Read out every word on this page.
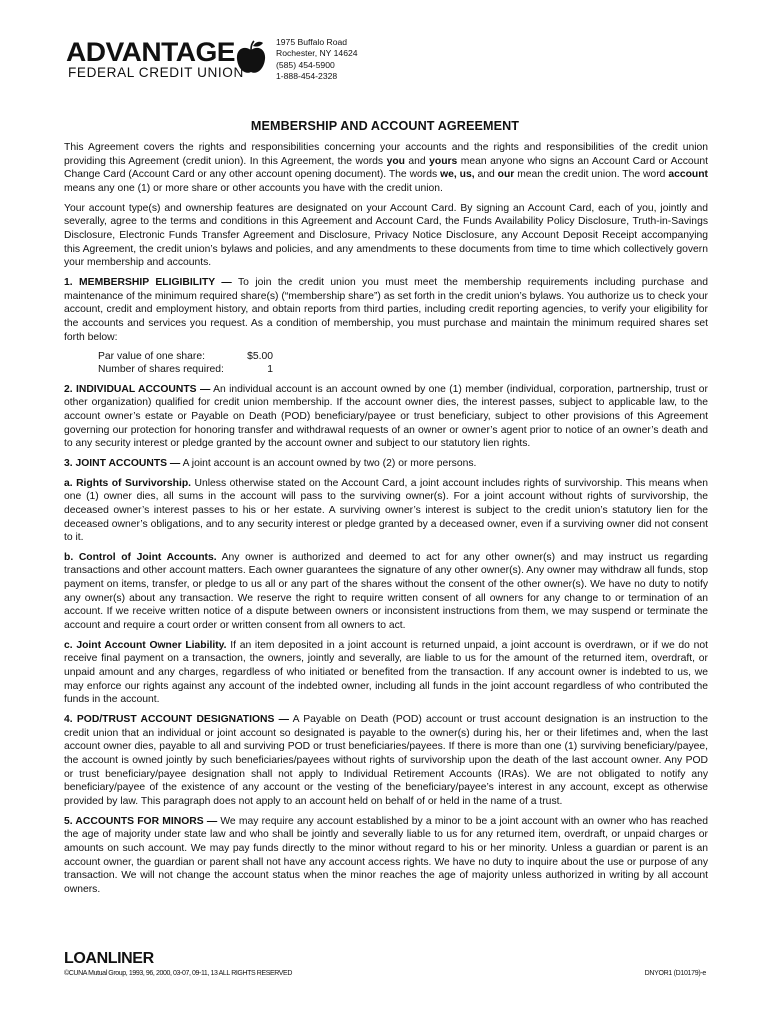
ADVANTAGE
FEDERAL CREDIT UNION
1975 Buffalo Road
Rochester, NY 14624
(585) 454-5900
1-888-454-2328
MEMBERSHIP AND ACCOUNT AGREEMENT

This Agreement covers the rights and responsibilities concerning your accounts and the rights and responsibilities of the credit union providing this Agreement (credit union). In this Agreement, the words you and yours mean anyone who signs an Account Card or Account Change Card (Account Card or any other account opening document). The words we, us, and our mean the credit union. The word account means any one (1) or more share or other accounts you have with the credit union.

Your account type(s) and ownership features are designated on your Account Card. By signing an Account Card, each of you, jointly and severally, agree to the terms and conditions in this Agreement and Account Card, the Funds Availability Policy Disclosure, Truth-in-Savings Disclosure, Electronic Funds Transfer Agreement and Disclosure, Privacy Notice Disclosure, any Account Deposit Receipt accompanying this Agreement, the credit union’s bylaws and policies, and any amendments to these documents from time to time which collectively govern your membership and accounts.

1. MEMBERSHIP ELIGIBILITY — To join the credit union you must meet the membership requirements including purchase and maintenance of the minimum required share(s) (“membership share”) as set forth in the credit union’s bylaws. You authorize us to check your account, credit and employment history, and obtain reports from third parties, including credit reporting agencies, to verify your eligibility for the accounts and services you request. As a condition of membership, you must purchase and maintain the minimum required shares set forth below:

Par value of one share:	$5.00
Number of shares required:	1

2. INDIVIDUAL ACCOUNTS — An individual account is an account owned by one (1) member (individual, corporation, partnership, trust or other organization) qualified for credit union membership. If the account owner dies, the interest passes, subject to applicable law, to the account owner’s estate or Payable on Death (POD) beneficiary/payee or trust beneficiary, subject to other provisions of this Agreement governing our protection for honoring transfer and withdrawal requests of an owner or owner’s agent prior to notice of an owner’s death and to any security interest or pledge granted by the account owner and subject to our statutory lien rights.

3. JOINT ACCOUNTS — A joint account is an account owned by two (2) or more persons.

a. Rights of Survivorship. Unless otherwise stated on the Account Card, a joint account includes rights of survivorship. This means when one (1) owner dies, all sums in the account will pass to the surviving owner(s). For a joint account without rights of survivorship, the deceased owner’s interest passes to his or her estate. A surviving owner’s interest is subject to the credit union’s statutory lien for the deceased owner’s obligations, and to any security interest or pledge granted by a deceased owner, even if a surviving owner did not consent to it.

b. Control of Joint Accounts. Any owner is authorized and deemed to act for any other owner(s) and may instruct us regarding transactions and other account matters. Each owner guarantees the signature of any other owner(s). Any owner may withdraw all funds, stop payment on items, transfer, or pledge to us all or any part of the shares without the consent of the other owner(s). We have no duty to notify any owner(s) about any transaction. We reserve the right to require written consent of all owners for any change to or termination of an account. If we receive written notice of a dispute between owners or inconsistent instructions from them, we may suspend or terminate the account and require a court order or written consent from all owners to act.

c. Joint Account Owner Liability. If an item deposited in a joint account is returned unpaid, a joint account is overdrawn, or if we do not receive final payment on a transaction, the owners, jointly and severally, are liable to us for the amount of the returned item, overdraft, or unpaid amount and any charges, regardless of who initiated or benefited from the transaction. If any account owner is indebted to us, we may enforce our rights against any account of the indebted owner, including all funds in the joint account regardless of who contributed the funds in the account.

4. POD/TRUST ACCOUNT DESIGNATIONS — A Payable on Death (POD) account or trust account designation is an instruction to the credit union that an individual or joint account so designated is payable to the owner(s) during his, her or their lifetimes and, when the last account owner dies, payable to all and surviving POD or trust beneficiaries/payees. If there is more than one (1) surviving beneficiary/payee, the account is owned jointly by such beneficiaries/payees without rights of survivorship upon the death of the last account owner. Any POD or trust beneficiary/payee designation shall not apply to Individual Retirement Accounts (IRAs). We are not obligated to notify any beneficiary/payee of the existence of any account or the vesting of the beneficiary/payee’s interest in any account, except as otherwise provided by law. This paragraph does not apply to an account held on behalf of or held in the name of a trust.

5. ACCOUNTS FOR MINORS — We may require any account established by a minor to be a joint account with an owner who has reached the age of majority under state law and who shall be jointly and severally liable to us for any returned item, overdraft, or unpaid charges or amounts on such account. We may pay funds directly to the minor without regard to his or her minority. Unless a guardian or parent is an account owner, the guardian or parent shall not have any account access rights. We have no duty to inquire about the use or purpose of any transaction. We will not change the account status when the minor reaches the age of majority unless authorized in writing by all account owners.

LOANLINER
©CUNA Mutual Group, 1993, 96, 2000, 03-07, 09-11, 13 ALL RIGHTS RESERVED	DNYOR1 (D10179)-e
